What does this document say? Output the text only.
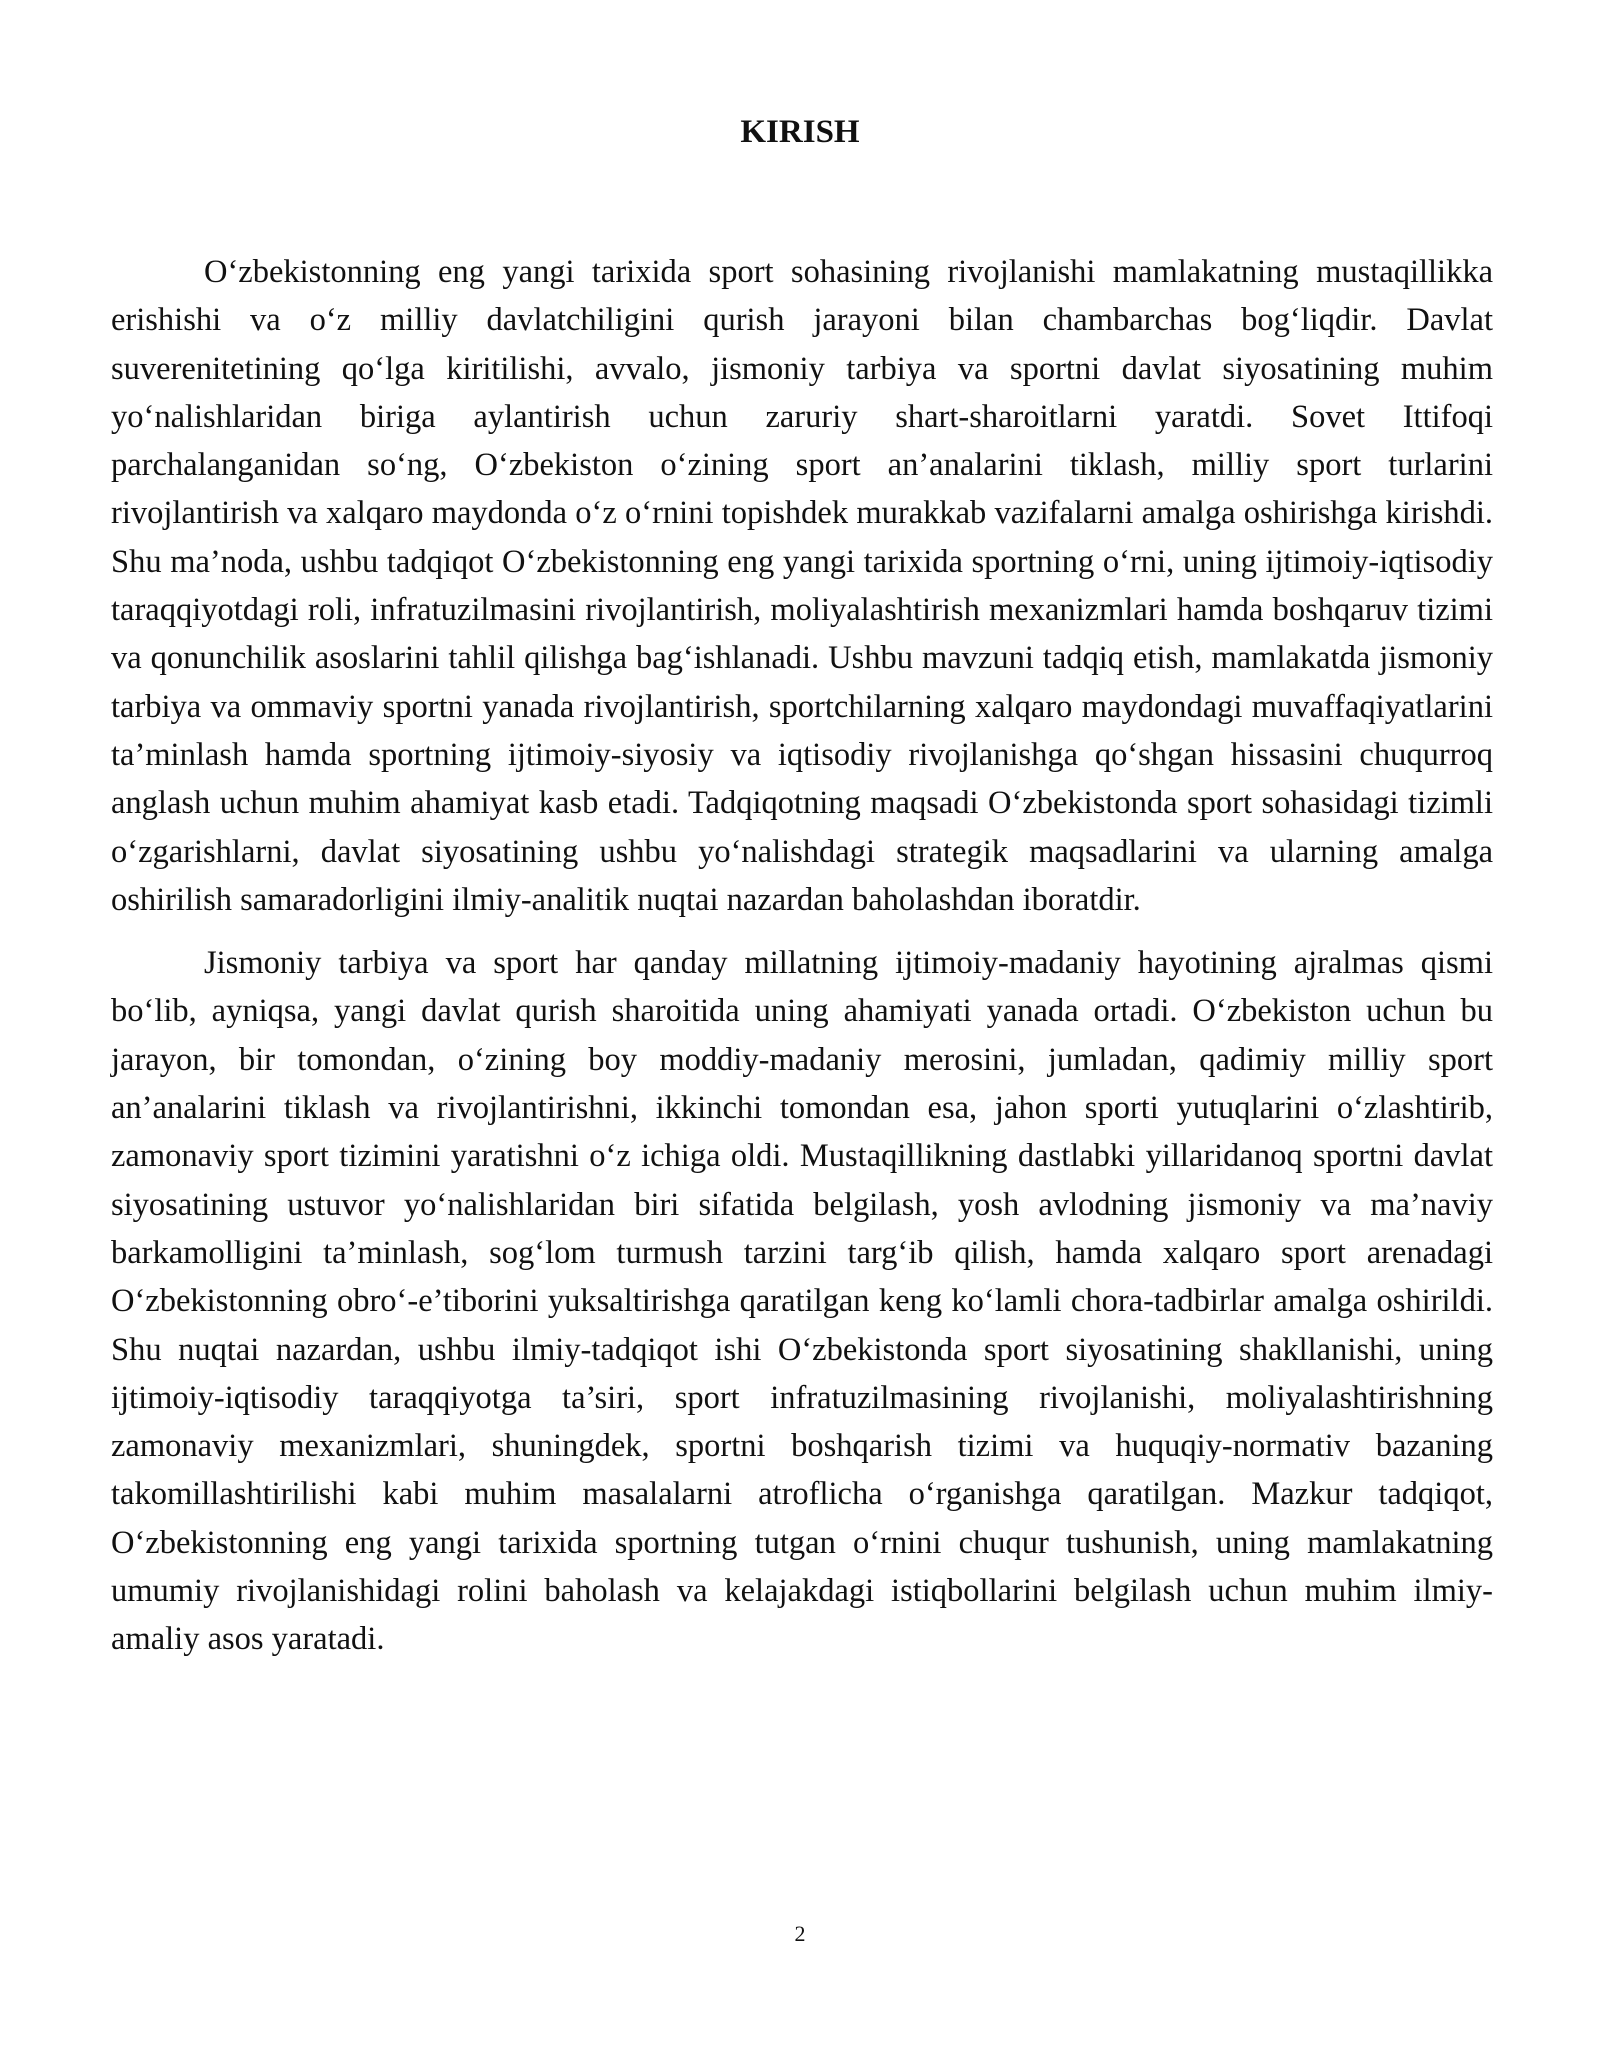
KIRISH

O‘zbekistonning eng yangi tarixida sport sohasining rivojlanishi mamlakatning mustaqillikka erishishi va o‘z milliy davlatchiligini qurish jarayoni bilan chambarchas bog‘liqdir. Davlat suverenitetining qo‘lga kiritilishi, avvalo, jismoniy tarbiya va sportni davlat siyosatining muhim yo‘nalishlaridan biriga aylantirish uchun zaruriy shart-sharoitlarni yaratdi. Sovet Ittifoqi parchalanganidan so‘ng, O‘zbekiston o‘zining sport an’analarini tiklash, milliy sport turlarini rivojlantirish va xalqaro maydonda o‘z o‘rnini topishdek murakkab vazifalarni amalga oshirishga kirishdi. Shu ma’noda, ushbu tadqiqot O‘zbekistonning eng yangi tarixida sportning o‘rni, uning ijtimoiy-iqtisodiy taraqqiyotdagi roli, infratuzilmasini rivojlantirish, moliyalashtirish mexanizmlari hamda boshqaruv tizimi va qonunchilik asoslarini tahlil qilishga bag‘ishlanadi. Ushbu mavzuni tadqiq etish, mamlakatda jismoniy tarbiya va ommaviy sportni yanada rivojlantirish, sportchilarning xalqaro maydondagi muvaffaqiyatlarini ta’minlash hamda sportning ijtimoiy-siyosiy va iqtisodiy rivojlanishga qo‘shgan hissasini chuqurroq anglash uchun muhim ahamiyat kasb etadi. Tadqiqotning maqsadi O‘zbekistonda sport sohasidagi tizimli o‘zgarishlarni, davlat siyosatining ushbu yo‘nalishdagi strategik maqsadlarini va ularning amalga oshirilish samaradorligini ilmiy-analitik nuqtai nazardan baholashdan iboratdir.

Jismoniy tarbiya va sport har qanday millatning ijtimoiy-madaniy hayotining ajralmas qismi bo‘lib, ayniqsa, yangi davlat qurish sharoitida uning ahamiyati yanada ortadi. O‘zbekiston uchun bu jarayon, bir tomondan, o‘zining boy moddiy-madaniy merosini, jumladan, qadimiy milliy sport an’analarini tiklash va rivojlantirishni, ikkinchi tomondan esa, jahon sporti yutuqlarini o‘zlashtirib, zamonaviy sport tizimini yaratishni o‘z ichiga oldi. Mustaqillikning dastlabki yillaridanoq sportni davlat siyosatining ustuvor yo‘nalishlaridan biri sifatida belgilash, yosh avlodning jismoniy va ma’naviy barkamolligini ta’minlash, sog‘lom turmush tarzini targ‘ib qilish, hamda xalqaro sport arenadagi O‘zbekistonning obro‘-e’tiborini yuksaltirishga qaratilgan keng ko‘lamli chora-tadbirlar amalga oshirildi. Shu nuqtai nazardan, ushbu ilmiy-tadqiqot ishi O‘zbekistonda sport siyosatining shakllanishi, uning ijtimoiy-iqtisodiy taraqqiyotga ta’siri, sport infratuzilmasining rivojlanishi, moliyalashtirishning zamonaviy mexanizmlari, shuningdek, sportni boshqarish tizimi va huquqiy-normativ bazaning takomillashtirilishi kabi muhim masalalarni atroflicha o‘rganishga qaratilgan. Mazkur tadqiqot, O‘zbekistonning eng yangi tarixida sportning tutgan o‘rnini chuqur tushunish, uning mamlakatning umumiy rivojlanishidagi rolini baholash va kelajakdagi istiqbollarini belgilash uchun muhim ilmiy-amaliy asos yaratadi.

2
